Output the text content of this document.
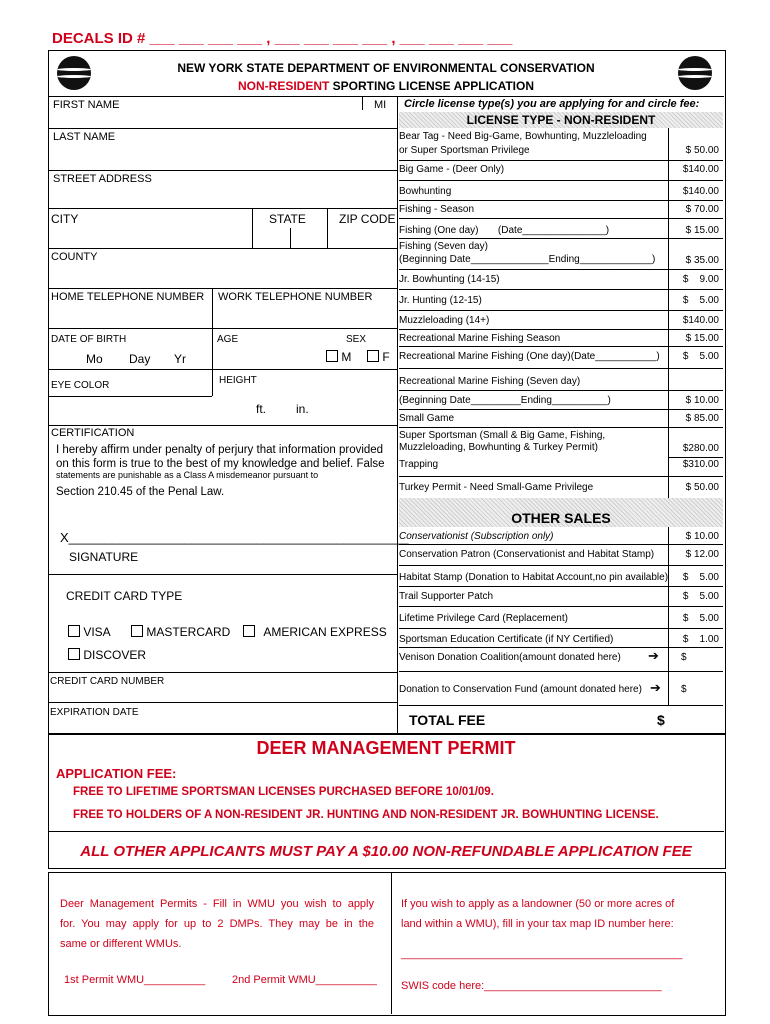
DECALS ID # ___ ___ ___ ___ , ___ ___ ___ ___ , ___ ___ ___ ___
NEW YORK STATE DEPARTMENT OF ENVIRONMENTAL CONSERVATION
NON-RESIDENT SPORTING LICENSE APPLICATION
FIRST NAME	MI
LAST NAME
STREET ADDRESS
CITY	STATE	ZIP CODE
COUNTY
HOME TELEPHONE NUMBER WORK TELEPHONE NUMBER
DATE OF BIRTH	AGE	SEX
Mo Day Yr	M	F
EYE COLOR	HEIGHT
ft. in.
CERTIFICATION
I hereby affirm under penalty of perjury that information provided
on this form is true to the best of my knowledge and belief. False
statements are punishable as a Class A misdemeanor pursuant to
Section 210.45 of the Penal Law.
X_______________________________________________
SIGNATURE
CREDIT CARD TYPE
VISA	MASTERCARD	AMERICAN EXPRESS
DISCOVER
CREDIT CARD NUMBER
EXPIRATION DATE
Circle license type(s) you are applying for and circle fee:
LICENSE TYPE - NON-RESIDENT
Bear Tag - Need Big-Game, Bowhunting, Muzzleloading
or Super Sportsman Privilege	$ 50.00
Big Game - (Deer Only)	$140.00
Bowhunting	$140.00
Fishing - Season	$ 70.00
Fishing (One day)       (Date_______________)	$ 15.00
Fishing (Seven day)
(Beginning Date______________Ending_____________)	$ 35.00
Jr. Bowhunting (14-15)	$    9.00
Jr. Hunting (12-15)	$    5.00
Muzzleloading (14+)	$140.00
Recreational Marine Fishing Season	$ 15.00
Recreational Marine Fishing (One day)(Date___________)	$    5.00
Recreational Marine Fishing (Seven day)
(Beginning Date_________Ending__________)	$ 10.00
Small Game	$ 85.00
Super Sportsman (Small & Big Game, Fishing,
Muzzleloading, Bowhunting & Turkey Permit)	$280.00
Trapping	$310.00
Turkey Permit - Need Small-Game Privilege	$ 50.00
OTHER SALES
Conservationist (Subscription only)	$ 10.00
Conservation Patron (Conservationist and Habitat Stamp)	$ 12.00
Habitat Stamp (Donation to Habitat Account,no pin available)	$    5.00
Trail Supporter Patch	$    5.00
Lifetime Privilege Card (Replacement)	$    5.00
Sportsman Education Certificate (if NY Certified)	$    1.00
Venison Donation Coalition(amount donated here)	➔	$
Donation to Conservation Fund (amount donated here) ➔	$
TOTAL FEE	$
DEER MANAGEMENT PERMIT
APPLICATION FEE:
FREE TO LIFETIME SPORTSMAN LICENSES PURCHASED BEFORE 10/01/09.
FREE TO HOLDERS OF A NON-RESIDENT JR. HUNTING AND NON-RESIDENT JR. BOWHUNTING LICENSE.
ALL OTHER APPLICANTS MUST PAY A $10.00 NON-REFUNDABLE APPLICATION FEE
Deer Management Permits - Fill in WMU you wish to apply
for. You may apply for up to 2 DMPs. They may be in the
same or different WMUs.
1st Permit WMU__________ 2nd Permit WMU__________
If you wish to apply as a landowner (50 or more acres of
land within a WMU), fill in your tax map ID number here:
______________________________________________
SWIS code here:_____________________________
